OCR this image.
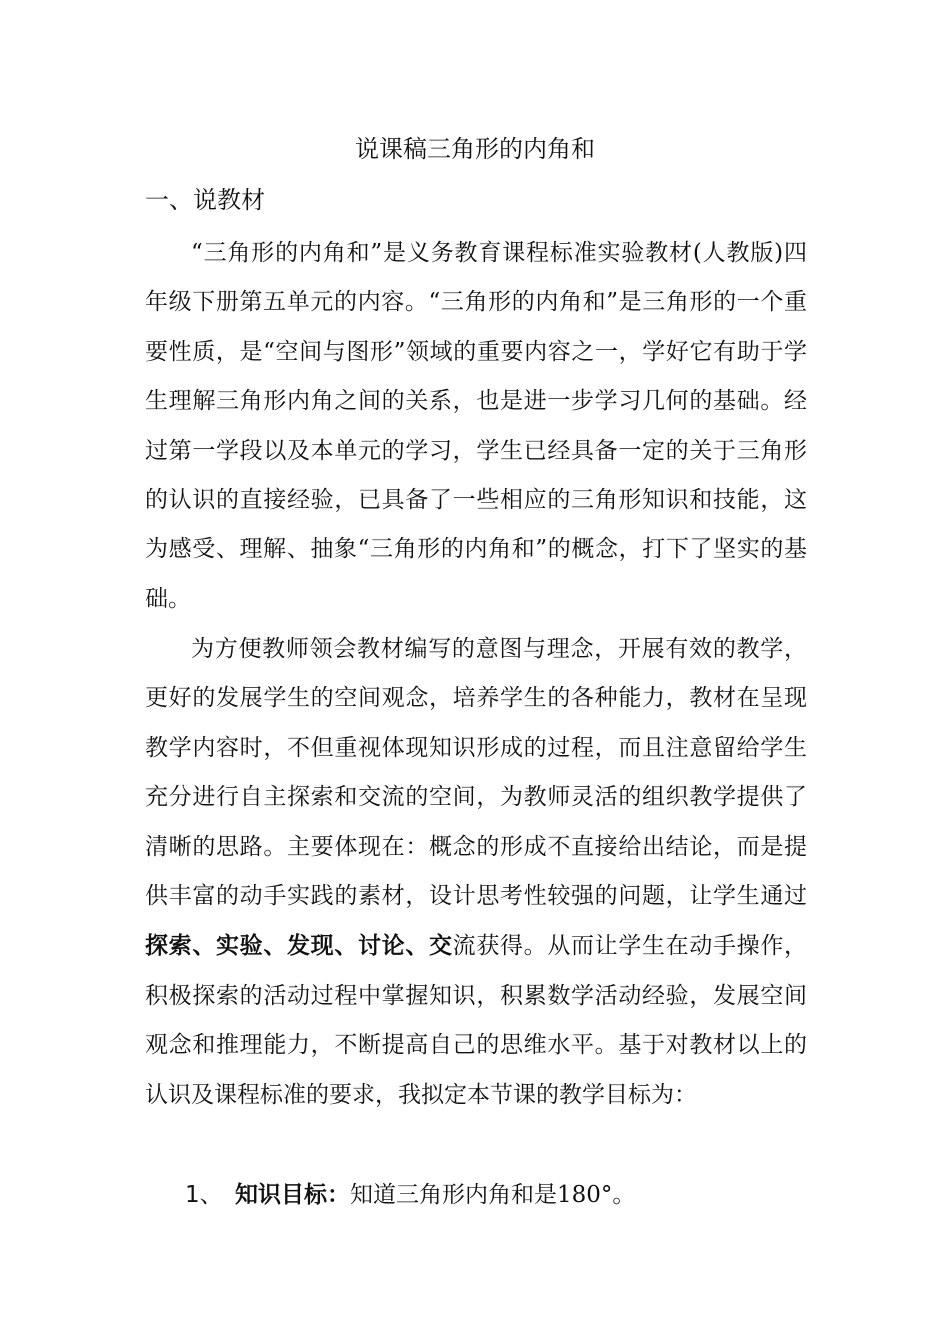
说课稿三角形的内角和
一、说教材

“三角形的内角和”是义务教育课程标准实验教材(人教版)四年级下册第五单元的内容。“三角形的内角和”是三角形的一个重要性质，是“空间与图形”领域的重要内容之一，学好它有助于学生理解三角形内角之间的关系，也是进一步学习几何的基础。经过第一学段以及本单元的学习，学生已经具备一定的关于三角形的认识的直接经验，已具备了一些相应的三角形知识和技能，这为感受、理解、抽象“三角形的内角和”的概念，打下了坚实的基础。

为方便教师领会教材编写的意图与理念，开展有效的教学，更好的发展学生的空间观念，培养学生的各种能力，教材在呈现教学内容时，不但重视体现知识形成的过程，而且注意留给学生充分进行自主探索和交流的空间，为教师灵活的组织教学提供了清晰的思路。主要体现在：概念的形成不直接给出结论，而是提供丰富的动手实践的素材，设计思考性较强的问题，让学生通过探索、实验、发现、讨论、交流获得。从而让学生在动手操作，积极探索的活动过程中掌握知识，积累数学活动经验，发展空间观念和推理能力，不断提高自己的思维水平。基于对教材以上的认识及课程标准的要求，我拟定本节课的教学目标为：

1、 知识目标：知道三角形内角和是180°。
